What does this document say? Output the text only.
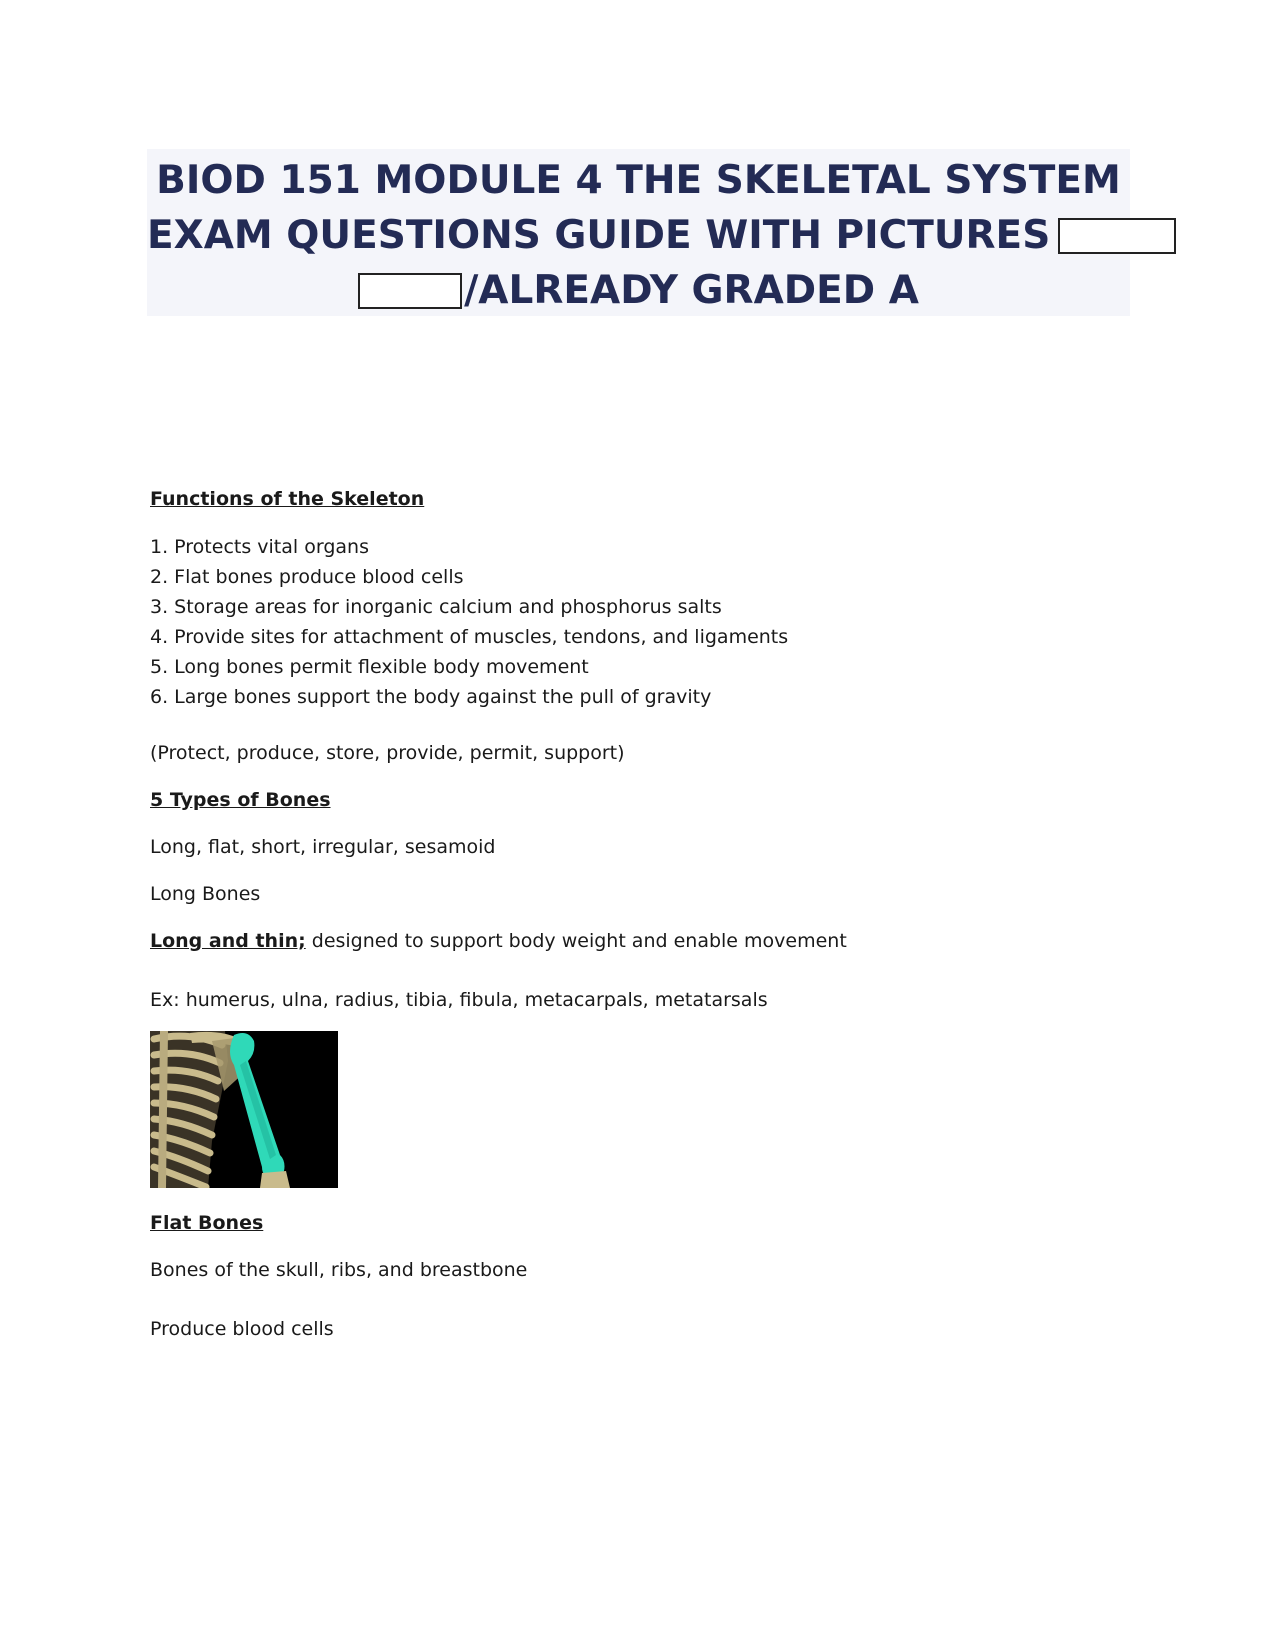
BIOD 151 MODULE 4 THE SKELETAL SYSTEM
EXAM QUESTIONS GUIDE WITH PICTURES
/ALREADY GRADED A

Functions of the Skeleton

1. Protects vital organs
2. Flat bones produce blood cells
3. Storage areas for inorganic calcium and phosphorus salts
4. Provide sites for attachment of muscles, tendons, and ligaments
5. Long bones permit flexible body movement
6. Large bones support the body against the pull of gravity

(Protect, produce, store, provide, permit, support)

5 Types of Bones

Long, flat, short, irregular, sesamoid

Long Bones

Long and thin; designed to support body weight and enable movement

Ex: humerus, ulna, radius, tibia, fibula, metacarpals, metatarsals

Flat Bones

Bones of the skull, ribs, and breastbone

Produce blood cells
